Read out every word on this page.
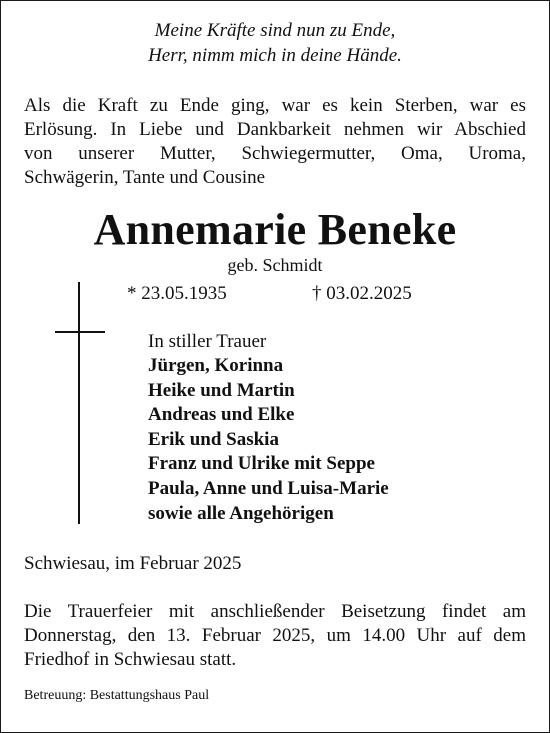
Meine Kräfte sind nun zu Ende,
Herr, nimm mich in deine Hände.
Als die Kraft zu Ende ging, war es kein Sterben, war es
Erlösung. In Liebe und Dankbarkeit nehmen wir Abschied
von unserer Mutter, Schwiegermutter, Oma, Uroma,
Schwägerin, Tante und Cousine
Annemarie Beneke
geb. Schmidt
* 23.05.1935	† 03.02.2025
In stiller Trauer
Jürgen, Korinna
Heike und Martin
Andreas und Elke
Erik und Saskia
Franz und Ulrike mit Seppe
Paula, Anne und Luisa-Marie
sowie alle Angehörigen
Schwiesau, im Februar 2025
Die Trauerfeier mit anschließender Beisetzung findet am
Donnerstag, den 13. Februar 2025, um 14.00 Uhr auf dem
Friedhof in Schwiesau statt.
Betreuung: Bestattungshaus Paul
